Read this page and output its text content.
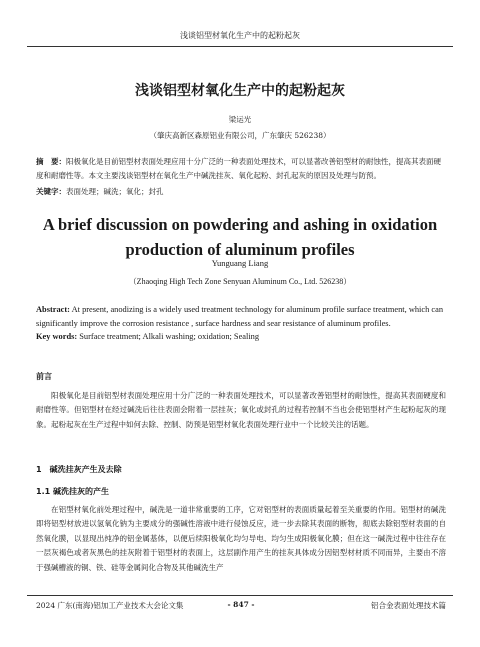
浅谈铝型材氧化生产中的起粉起灰
浅谈铝型材氧化生产中的起粉起灰
梁运光
（肇庆高新区森原铝业有限公司，广东肇庆 526238）
摘　要：阳极氧化是目前铝型材表面处理应用十分广泛的一种表面处理技术，可以显著改善铝型材的耐蚀性，提高其表面硬度和耐磨性等。本文主要浅谈铝型材在氧化生产中碱洗挂灰、氧化起粉、封孔起灰的原因及处理与防预。
关键字：表面处理；碱洗；氧化；封孔
A brief discussion on powdering and ashing in oxidation production of aluminum profiles
Yunguang Liang
（Zhaoqing High Tech Zone Senyuan Aluminum Co., Ltd. 526238）
Abstract: At present, anodizing is a widely used treatment technology for aluminum profile surface treatment, which can significantly improve the corrosion resistance , surface hardness and sear resistance of aluminum profiles.
Key words: Surface treatment; Alkali washing; oxidation; Sealing
前言
阳极氧化是目前铝型材表面处理应用十分广泛的一种表面处理技术，可以显著改善铝型材的耐蚀性，提高其表面硬度和耐磨性等。但铝型材在经过碱洗后往往表面会附着一层挂灰；氧化或封孔的过程若控制不当也会使铝型材产生起粉起灰的现象。起粉起灰在生产过程中如何去除、控制、防预是铝型材氧化表面处理行业中一个比较关注的话题。
1　碱洗挂灰产生及去除
1.1 碱洗挂灰的产生
在铝型材氧化前处理过程中，碱洗是一道非常重要的工序，它对铝型材的表面质量起着至关重要的作用。铝型材的碱洗即将铝型材放进以氢氧化钠为主要成分的强碱性溶液中进行侵蚀反应，进一步去除其表面的断物，彻底去除铝型材表面的自然氧化膜，以显现出纯净的铝金属基体，以便后续阳极氧化均匀导电、均匀生成阳极氧化膜；但在这一碱洗过程中往往存在一层灰褐色或者灰黑色的挂灰附着于铝型材的表面上，这层副作用产生的挂灰具体成分因铝型材材质不同而异，主要由不溶于强碱槽液的铜、铁、硅等金属间化合物及其他碱洗生产
2024 广东(南海)铝加工产业技术大会论文集	- 847 -	铝合金表面处理技术篇
